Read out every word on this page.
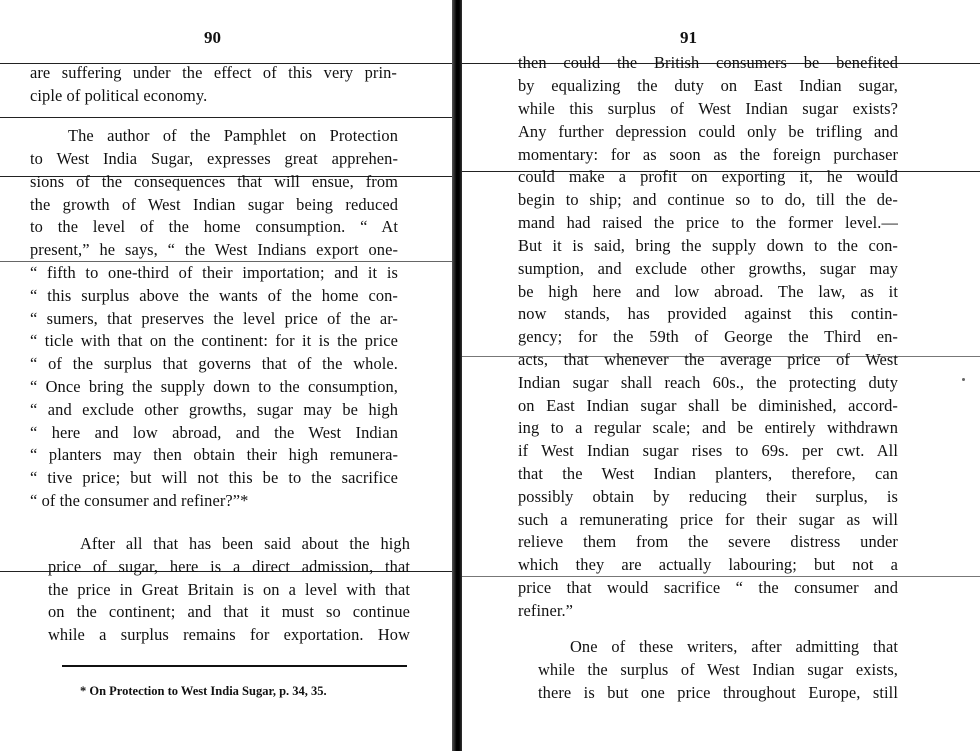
90

are suffering under the effect of this very prin-

ciple of political economy.

The author of the Pamphlet on Protection

to West India Sugar, expresses great apprehen-

sions of the consequences that will ensue, from

the growth of West Indian sugar being reduced

to the level of the home consumption. “ At

present,” he says, “ the West Indians export one-

“ fifth to one-third of their importation; and it is

“ this surplus above the wants of the home con-

“ sumers, that preserves the level price of the ar-

“ ticle with that on the continent: for it is the price

“ of the surplus that governs that of the whole.

“ Once bring the supply down to the consumption,

“ and exclude other growths, sugar may be high

“ here and low abroad, and the West Indian

“ planters may then obtain their high remunera-

“ tive price; but will not this be to the sacrifice

“ of the consumer and refiner?”*

After all that has been said about the high

price of sugar, here is a direct admission, that

the price in Great Britain is on a level with that

on the continent; and that it must so continue

while a surplus remains for exportation. How

* On Protection to West India Sugar, p. 34, 35.

91

then could the British consumers be benefited

by equalizing the duty on East Indian sugar,

while this surplus of West Indian sugar exists?

Any further depression could only be trifling and

momentary: for as soon as the foreign purchaser

could make a profit on exporting it, he would

begin to ship; and continue so to do, till the de-

mand had raised the price to the former level.—

But it is said, bring the supply down to the con-

sumption, and exclude other growths, sugar may

be high here and low abroad. The law, as it

now stands, has provided against this contin-

gency; for the 59th of George the Third en-

acts, that whenever the average price of West

Indian sugar shall reach 60s., the protecting duty

on East Indian sugar shall be diminished, accord-

ing to a regular scale; and be entirely withdrawn

if West Indian sugar rises to 69s. per cwt. All

that the West Indian planters, therefore, can

possibly obtain by reducing their surplus, is

such a remunerating price for their sugar as will

relieve them from the severe distress under

which they are actually labouring; but not a

price that would sacrifice “ the consumer and

refiner.”

One of these writers, after admitting that

while the surplus of West Indian sugar exists,

there is but one price throughout Europe, still
